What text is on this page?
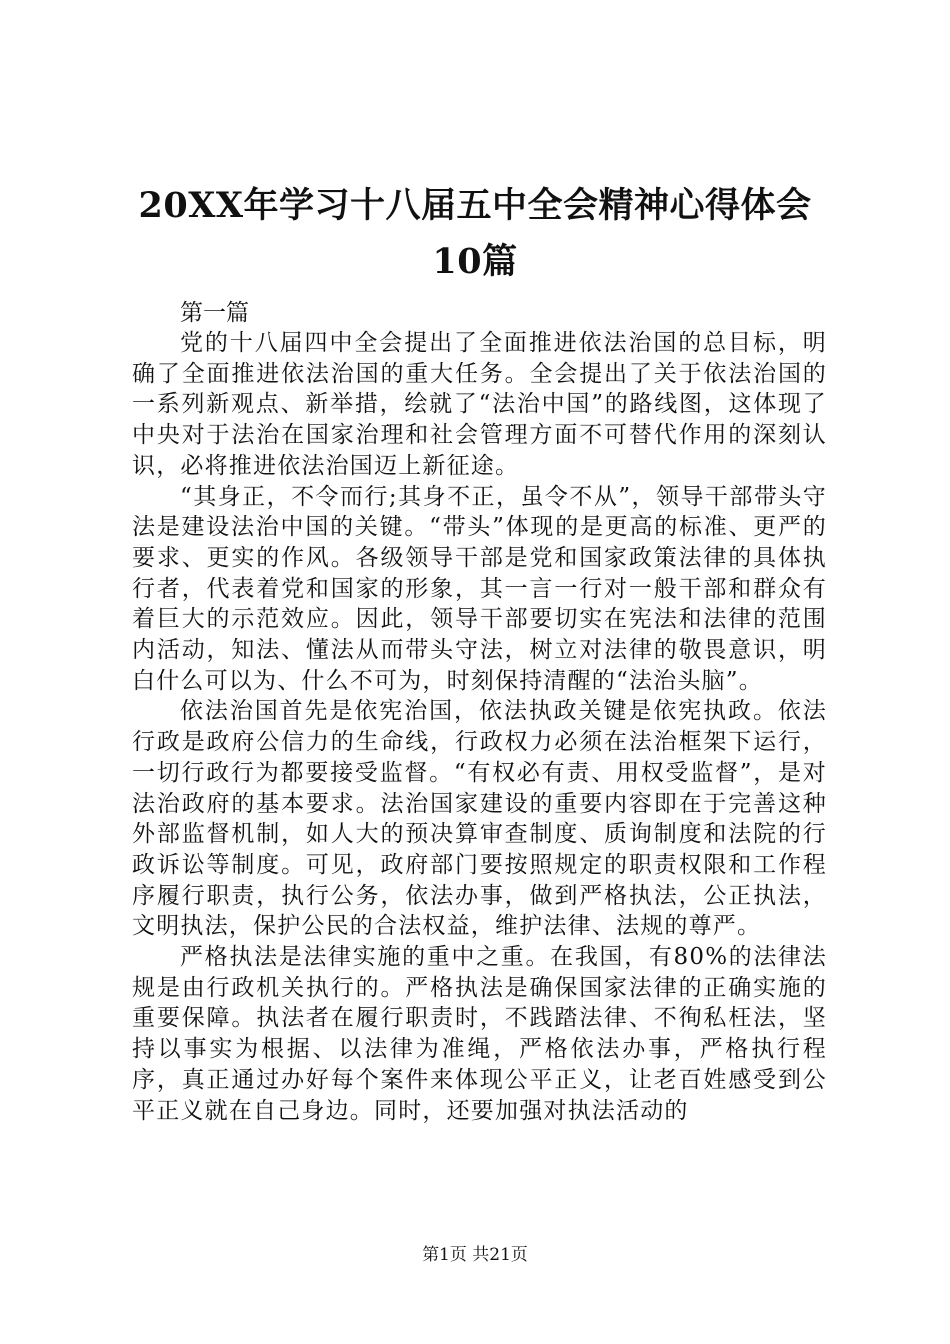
20XX年学习十八届五中全会精神心得体会10篇

第一篇

党的十八届四中全会提出了全面推进依法治国的总目标，明确了全面推进依法治国的重大任务。全会提出了关于依法治国的一系列新观点、新举措，绘就了“法治中国”的路线图，这体现了中央对于法治在国家治理和社会管理方面不可替代作用的深刻认识，必将推进依法治国迈上新征途。

“其身正，不令而行;其身不正，虽令不从”，领导干部带头守法是建设法治中国的关键。“带头”体现的是更高的标准、更严的要求、更实的作风。各级领导干部是党和国家政策法律的具体执行者，代表着党和国家的形象，其一言一行对一般干部和群众有着巨大的示范效应。因此，领导干部要切实在宪法和法律的范围内活动，知法、懂法从而带头守法，树立对法律的敬畏意识，明白什么可以为、什么不可为，时刻保持清醒的“法治头脑”。

依法治国首先是依宪治国，依法执政关键是依宪执政。依法行政是政府公信力的生命线，行政权力必须在法治框架下运行，一切行政行为都要接受监督。“有权必有责、用权受监督”，是对法治政府的基本要求。法治国家建设的重要内容即在于完善这种外部监督机制，如人大的预决算审查制度、质询制度和法院的行政诉讼等制度。可见，政府部门要按照规定的职责权限和工作程序履行职责，执行公务，依法办事，做到严格执法，公正执法，文明执法，保护公民的合法权益，维护法律、法规的尊严。

严格执法是法律实施的重中之重。在我国，有80%的法律法规是由行政机关执行的。严格执法是确保国家法律的正确实施的重要保障。执法者在履行职责时，不践踏法律、不徇私枉法，坚持以事实为根据、以法律为准绳，严格依法办事，严格执行程序，真正通过办好每个案件来体现公平正义，让老百姓感受到公平正义就在自己身边。同时，还要加强对执法活动的

第1页 共21页
